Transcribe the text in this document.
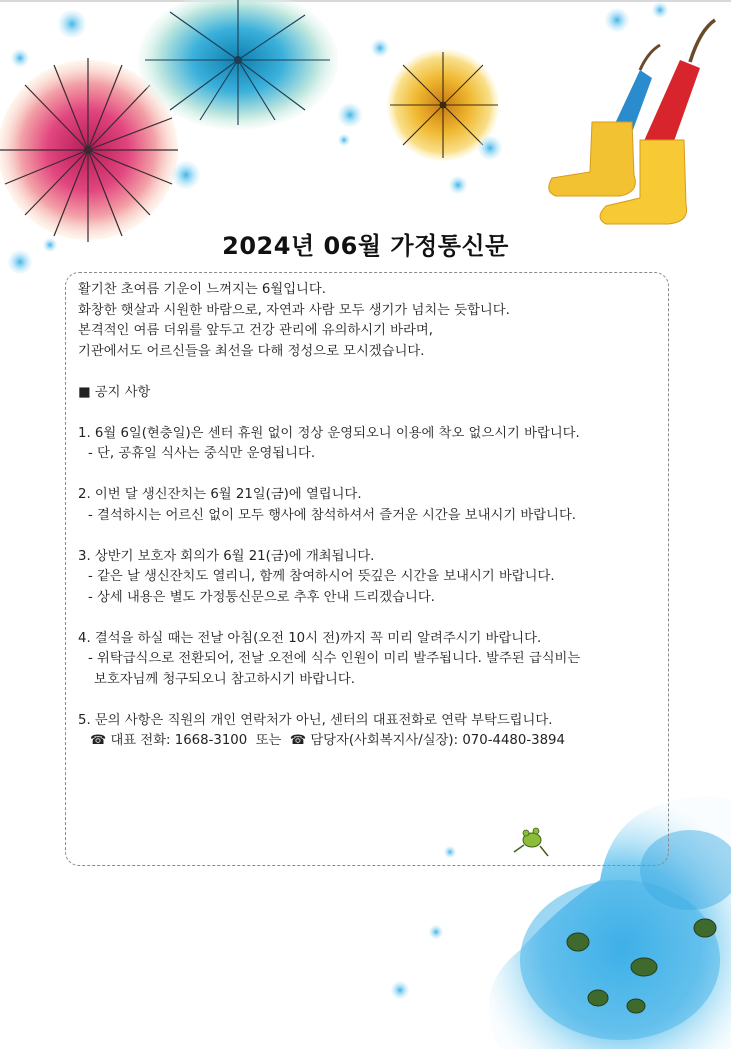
2024년 06월 가정통신문

활기찬 초여름 기운이 느껴지는 6월입니다.

화창한 햇살과 시원한 바람으로, 자연과 사람 모두 생기가 넘치는 듯합니다.

본격적인 여름 더위를 앞두고 건강 관리에 유의하시기 바라며,

기관에서도 어르신들을 최선을 다해 정성으로 모시겠습니다.

■ 공지 사항

1. 6월 6일(현충일)은 센터 휴원 없이 정상 운영되오니 이용에 착오 없으시기 바랍니다.

- 단, 공휴일 식사는 중식만 운영됩니다.

2. 이번 달 생신잔치는 6월 21일(금)에 열립니다.

- 결석하시는 어르신 없이 모두 행사에 참석하셔서 즐거운 시간을 보내시기 바랍니다.

3. 상반기 보호자 회의가 6월 21(금)에 개최됩니다.

- 같은 날 생신잔치도 열리니, 함께 참여하시어 뜻깊은 시간을 보내시기 바랍니다.

- 상세 내용은 별도 가정통신문으로 추후 안내 드리겠습니다.

4. 결석을 하실 때는 전날 아침(오전 10시 전)까지 꼭 미리 알려주시기 바랍니다.

- 위탁급식으로 전환되어, 전날 오전에 식수 인원이 미리 발주됩니다. 발주된 급식비는

보호자님께 청구되오니 참고하시기 바랍니다.

5. 문의 사항은 직원의 개인 연락처가 아닌, 센터의 대표전화로 연락 부탁드립니다.

☎ 대표 전화: 1668-3100 또는 ☎ 담당자(사회복지사/실장): 070-4480-3894
